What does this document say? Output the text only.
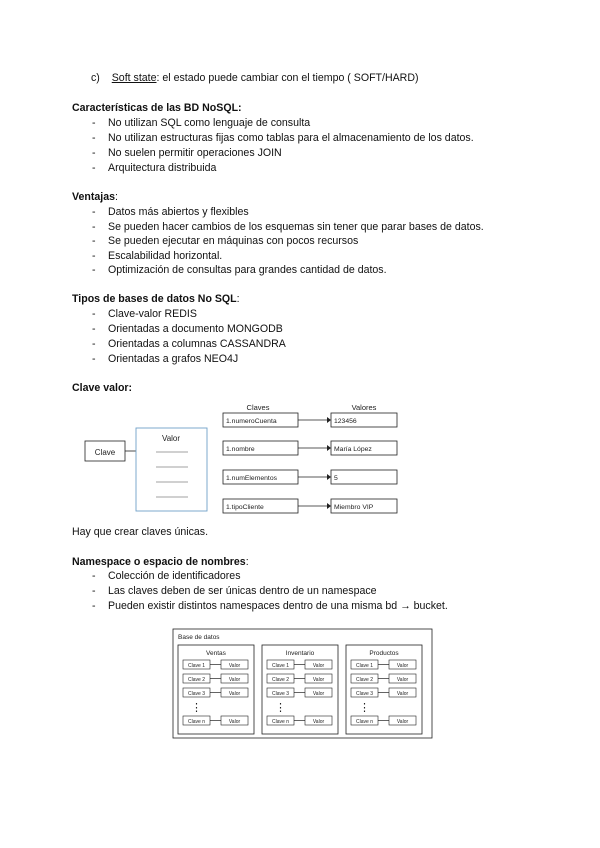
c) Soft state: el estado puede cambiar con el tiempo ( SOFT/HARD)
Características de las BD NoSQL:
- No utilizan SQL como lenguaje de consulta
- No utilizan estructuras fijas como tablas para el almacenamiento de los datos.
- No suelen permitir operaciones JOIN
- Arquitectura distribuida
Ventajas:
- Datos más abiertos y flexibles
- Se pueden hacer cambios de los esquemas sin tener que parar bases de datos.
- Se pueden ejecutar en máquinas con pocos recursos
- Escalabilidad horizontal.
- Optimización de consultas para grandes cantidad de datos.
Tipos de bases de datos No SQL:
- Clave-valor REDIS
- Orientadas a documento MONGODB
- Orientadas a columnas CASSANDRA
- Orientadas a grafos NEO4J
Clave valor:
Clave
Valor
Claves	Valores
1.numeroCuenta	123456
1.nombre	María López
1.numElementos	5
1.tipoCliente	Miembro VIP
Hay que crear claves únicas.
Namespace o espacio de nombres:
- Colección de identificadores
- Las claves deben de ser únicas dentro de un namespace
- Pueden existir distintos namespaces dentro de una misma bd → bucket.
Base de datos
Ventas
Clave 1	Valor
Clave 2	Valor
Clave 3	Valor
⋮
Clave n	Valor
Inventario
Clave 1	Valor
Clave 2	Valor
Clave 3	Valor
⋮
Clave n	Valor
Productos
Clave 1	Valor
Clave 2	Valor
Clave 3	Valor
⋮
Clave n	Valor
